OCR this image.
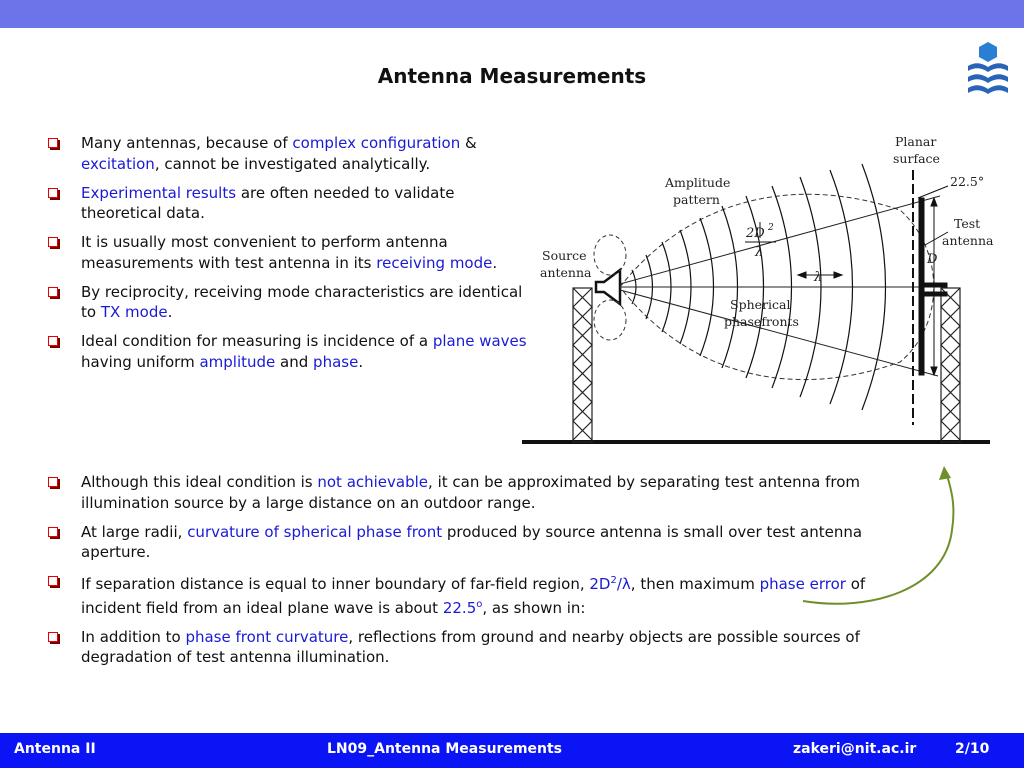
Antenna Measurements
Many antennas, because of complex configuration & excitation, cannot be investigated analytically.
Experimental results are often needed to validate theoretical data.
It is usually most convenient to perform antenna measurements with test antenna in its receiving mode.
By reciprocity, receiving mode characteristics are identical to TX mode.
Ideal condition for measuring is incidence of a plane waves having uniform amplitude and phase.
Planar
surface
22.5°
Amplitude
pattern
Test
antenna
Source
antenna
2D 2
λ
λ
D
Spherical
phasefronts
Although this ideal condition is not achievable, it can be approximated by separating test antenna from illumination source by a large distance on an outdoor range.
At large radii, curvature of spherical phase front produced by source antenna is small over test antenna aperture.
If separation distance is equal to inner boundary of far-field region, $2D^2/\lambda$, then maximum phase error of incident field from an ideal plane wave is about 22.5$^o$, as shown in:
In addition to phase front curvature, reflections from ground and nearby objects are possible sources of degradation of test antenna illumination.
Antenna II	LN09_Antenna Measurements	zakeri@nit.ac.ir	2/10
